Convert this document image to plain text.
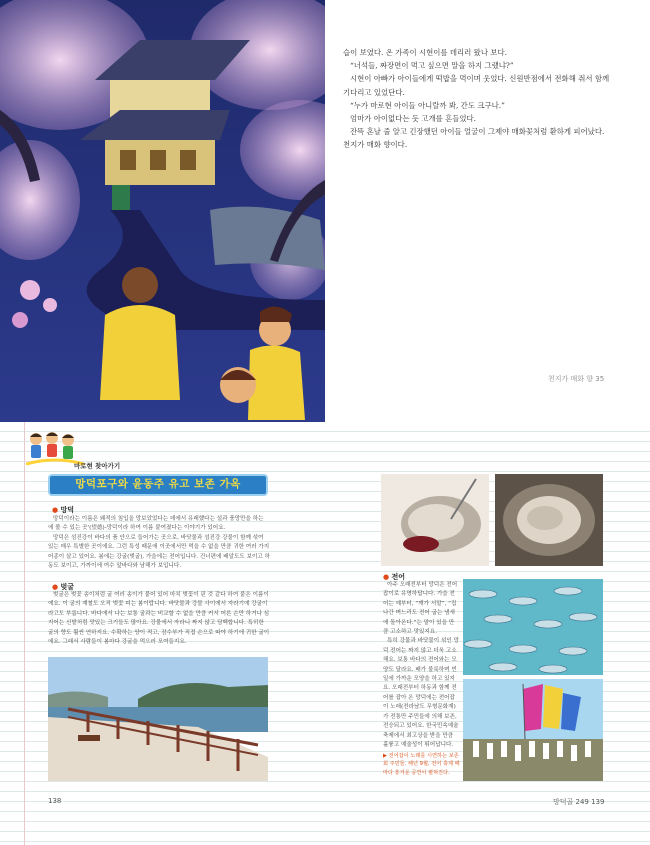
습이 보였다. 온 가족이 시현이를 데리러 왔나 보다.

“너석들, 짜장면이 먹고 싶으면 말을 하지 그랬냐?”

시현이 아빠가 아이들에게 떡밥을 먹이며 웃었다. 신원반점에서 전화해 줘서 함께 기다리고 있었단다.

“누가 마로현 아이들 아니랄까 봐, 간도 크구나.”

엄마가 아이없다는 듯 고개를 흔들었다.

잔뜩 혼날 줄 알고 긴장했던 아이들 얼굴이 그제야 매화꽃처럼 환하게 피어났다. 천지가 매화 향이다.

천지가 매화 향 35
마로현 찾아가기
망덕포구와 윤동주 유고 보존 가옥
● 망덕

망덕이라는 이름은 왜적의 침입을 망보았었다는 데에서 유래했다는 설과 풍망만을 하는 에 볼 수 있는 곳'(望德)-망덕이라 하여 이름 붙여졌다는 이야기가 있어요.

망덕은 섬진강이 바다의 품 안으로 들어가는 곳으로, 바닷물과 섬진강 강물이 함께 섞여 있는 매우 특별한 곳이에요. 그런 특성 때문에 이곳에서만 먹을 수 없을 만큼 귀한 여러 가지 어종이 살고 있어요. 봄에는 강굴(벚굴), 가을에는 전어입니다. 건너편에 배알도도 보이고 하동도 보이고, 가까이에 여수 앞바다와 남해가 보입니다.

● 벚굴

벚굴은 벚꽃 송이처럼 굴 여러 송이가 붙어 있어 마치 벚꽃이 핀 것 같다 하여 붙은 이름이에요. 이 굴의 재철도 오직 벚꽃 피는 봄이랍니다. 바닷물과 강물 사이에서 자라기에 강굴이라고도 부릅니다. 바다에서 나는 보통 굴과는 비교할 수 없을 만큼 커서 어른 손만 하거나 심지어는 신발처럼 맛있는 크기들도 많아요. 강물에서 자라니 짜지 않고 담백합니다. 특히한 굴의 향도 훨씬 연하지요. 수확하는 양이 적고, 잠수부가 직접 손으로 따야 하기에 귀한 굴이에요. 그래서 사람들이 봄마다 강굴을 먹으러 모여들지요.

● 전어

아주 오래전부터 망덕은 전어잡이로 유명하답니다. 가을 전어는 예부터, “깨가 서말”, “집 나간 며느리도 전어 굽는 냄새에 돌아온다.”는 말이 있을 만큼 고소하고 맛있지요.

특히 강물과 바닷물이 섞인 망덕 전어는 짜지 않고 더욱 고소해요. 보통 바다의 전어와는 모양도 달라요. 배가 불룩하며 빈일에 가까운 모양을 하고 있지요. 오래전부터 하동과 함께 전어를 잡아 온 망덕에는 전어잡이 노래(전라남도 무형문화재)가 전통만 주민들에 의해 보존, 전승되고 있어요. 한국민속예술축제에서 최고상을 받을 만큼 훌륭고 예술성이 뛰어납니다.

▶ 전어잡이 노래를 시연하는 보존 회 주민들. 해년 9월, 전어 축제 때마다 흥겨운 공연이 펼쳐진다.
138	망덕골 249 139
